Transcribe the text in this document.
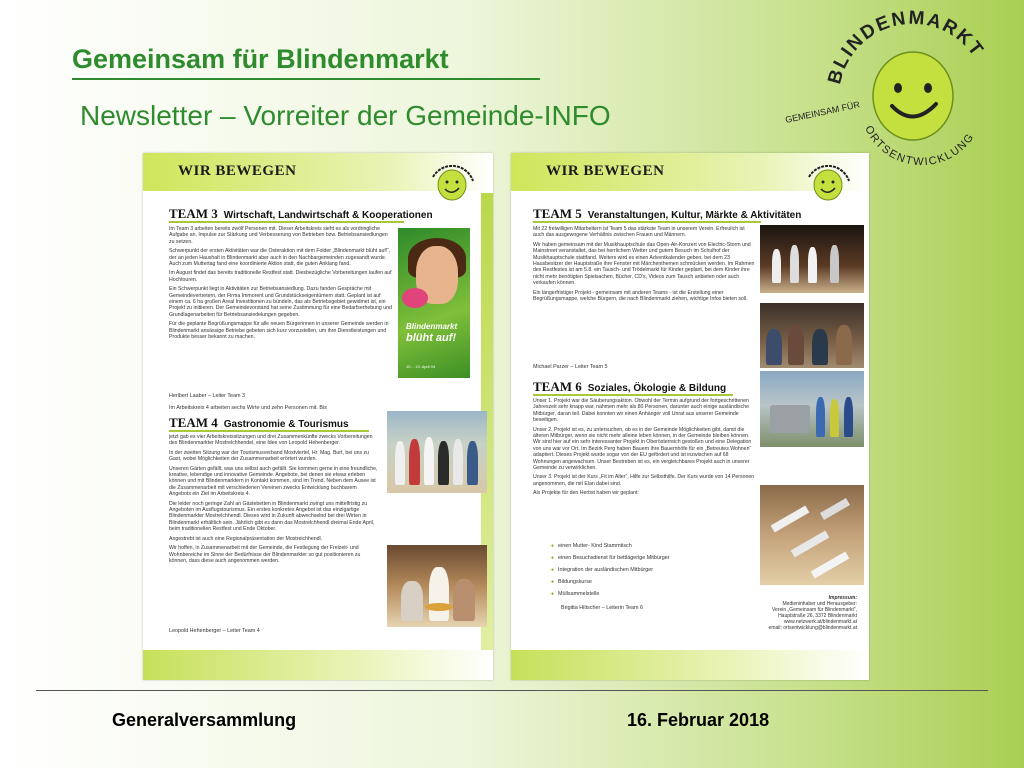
Gemeinsam für Blindenmarkt
Newsletter – Vorreiter der Gemeinde-INFO
BLINDENMARKT
GEMEINSAM FÜR
ORTSENTWICKLUNG
WIR BEWEGEN
TEAM 3 Wirtschaft, Landwirtschaft & Kooperationen

Im Team 3 arbeiten bereits zwölf Personen mit. Dieser Arbeitskreis sieht es als vordringliche Aufgabe an, Impulse zur Stärkung und Verbesserung von Betrieben bzw. Betriebsansiedlungen zu setzen.

Schwerpunkt der ersten Aktivitäten war die Osteraktion mit dem Folder „Blindenmarkt blüht auf!“, der an jeden Haushalt in Blindenmarkt aber auch in den Nachbargemeinden zugesandt wurde. Auch zum Muttertag fand eine koordinierte Aktion statt, die guten Anklang fand.

Im August findet das bereits traditionelle Restfest statt. Diesbezügliche Vorbereitungen laufen auf Hochtouren.

Ein Schwerpunkt liegt in Aktivitäten zur Betriebsansiedlung. Dazu fanden Gespräche mit Gemeindevertretern, der Firma Immorent und Grundstückseigentümern statt. Geplant ist auf einem ca. 6 ha großen Areal Investitionen zu bündeln, das als Betriebsgebiet gewidmet ist, ein Projekt zu initiieren. Der Gemeindevorstand hat seine Zustimmung für eine Bedarfserhebung und Grundlagenarbeiten für Betriebsansiedelungen gegeben.

Für die geplante Begrüßungsmappe für alle neuen Bürgerinnen in unserer Gemeinde werden in Blindenmarkt ansässige Betriebe gebeten sich kurz vorzustellen, um ihre Dienstleistungen und Produkte besser bekannt zu machen.

Heribert Laaber – Leiter Team 3
Im Arbeitskreis 4 arbeiten sechs Wirte und zehn Personen mit. Bis
Blindenmarkt
blüht auf!
10. - 13. April 04
TEAM 4 Gastronomie & Tourismus

jetzt gab es vier Arbeitskreissitzungen und drei Zusammenkünfte zwecks Vorbereitungen des Blindenmarkter Mostrelchhendel, eine Idee von Leopold Hehenberger.

In der zweiten Sitzung war der Tourismusverband Mostviertel, Hr. Mag. Burt, bei uns zu Gast, wobei Möglichkeiten der Zusammenarbeit erörtert wurden.

Unseren Gärten gefällt, was uns selbst auch gefällt. Sie kommen gerne in eine freundliche, kreative, lebendige und innovative Gemeinde. Angebote, bei denen sie etwas erleben können und mit Blindenmarktern in Kontakt kommen, sind im Trend. Neben dem Ausee ist die Zusammenarbeit mit verschiedenen Vereinen zwecks Entwicklung buchbarem Angebots ein Ziel im Arbeitskreis 4.

Die leider noch geringe Zahl an Gästebetten in Blindenmarkt zwingt uns mittelfristig zu Angeboten im Ausflugstourismus. Ein erstes konkretes Angebot ist das einzigartige Blindenmarkter Mostrelchhendl. Dieses wird in Zukunft abwechselnd bei drei Wirten in Blindenmarkt erhältlich sein. Jährlich gibt es dann das Mostrelchhendl dreimal Ende April, beim traditionellen Restfest und Ende Oktober.

Angestrebt ist auch eine Regionalpräsentation der Mostreichhendl.

Wir hoffen, in Zusammenarbeit mit der Gemeinde, die Festlegung der Freizeit- und Wohnbereiche im Sinne der Bedürfnisse der Blindenmarkter so gut positionieren zu können, dass diese auch angenommen werden.

Leopold Hehenberger – Leiter Team 4
WIR BEWEGEN
TEAM 5 Veranstaltungen, Kultur, Märkte & Aktivitäten

Mit 22 freiwilligen Mitarbeitern ist Team 5 das stärkste Team in unserem Verein. Erfreulich ist auch das ausgewogene Verhältnis zwischen Frauen und Männern.

Wir haben gemeinsam mit der Musikhauptschule das Open-Air-Konzert von Electric-Storm und Mainstreet veranstaltet, das bei herrlichem Wetter und gutem Besuch im Schulhof der Musikhauptschule stattfand. Weiters wird es einen Adventkalender geben, bei dem 23 Hausbesitzer der Hauptstraße ihre Fenster mit Märchenthemen schmücken werden. Im Rahmen des Restfestes ist am 5.8. ein Tausch- und Trödelmarkt für Kinder geplant, bei dem Kinder ihre nicht mehr benötigten Spielsachen, Bücher, CD's, Videos zum Tausch anbieten oder auch verkaufen können.

Ein längerfristiger Projekt - gemeinsam mit anderen Teams - ist die Erstellung einer Begrüßungsmappe, welche Bürgern, die nach Blindenmarkt ziehen, wichtige Infos bieten soll.

Michael Parzer – Leiter Team 5
TEAM 6 Soziales, Ökologie & Bildung

Unser 1. Projekt war die Säuberungsaktion. Obwohl der Termin aufgrund der fortgeschrittenen Jahreszeit sehr knapp war, nahmen mehr als 80 Personen, darunter auch einige ausländische Mitbürger, daran teil. Dabei konnten wir einen Anhänger voll Unrat aus unserer Gemeinde beseitigen.

Unser 2. Projekt ist es, zu untersuchen, ob es in der Gemeinde Möglichkeiten gibt, damit die älteren Mitbürger, wenn sie nicht mehr alleine leben können, in der Gemeinde bleiben können. Wir sind hier auf ein sehr interessanter Projekt in Oberösterreich gestoßen und eine Delegation von uns war vor Ort. Im Bezirk Perg haben Bauern ihre Bauernhöfe für ein „Betreutes Wohnen“ adaptiert. Dieses Projekt wurde sogar von der EU gefördert und ist inzwischen auf 68 Wohnungen angewachsen. Unser Bestreben ist es, ein vergleichbares Projekt auch in unserer Gemeinde zu verwirklichen.

Unser 3. Projekt ist der Kurs „Fit im Alter“, Hilfe zur Selbsthilfe. Der Kurs wurde von 14 Personen angenommen, die mit Elan dabei sind.

Als Projekte für den Herbst haben wir geplant:

● einen Mutter- Kind Stammtisch
● einen Besuchsdienst für bettlägerige Mitbürger
● Integration der ausländischen Mitbürger
● Bildungskurse
● Müllsammelstelle
Brigitta Hiltscher – Leiterin Team 6
Impressum:
Medieninhaber und Herausgeber:
Verein „Gemeinsam für Blindenmarkt“,
Hauptstraße 26, 3372 Blindenmarkt
www.netzwerk.at/blindenmarkt.at
email: ortsentwicklung@blindenmarkt.at
Generalversammlung	16. Februar 2018
